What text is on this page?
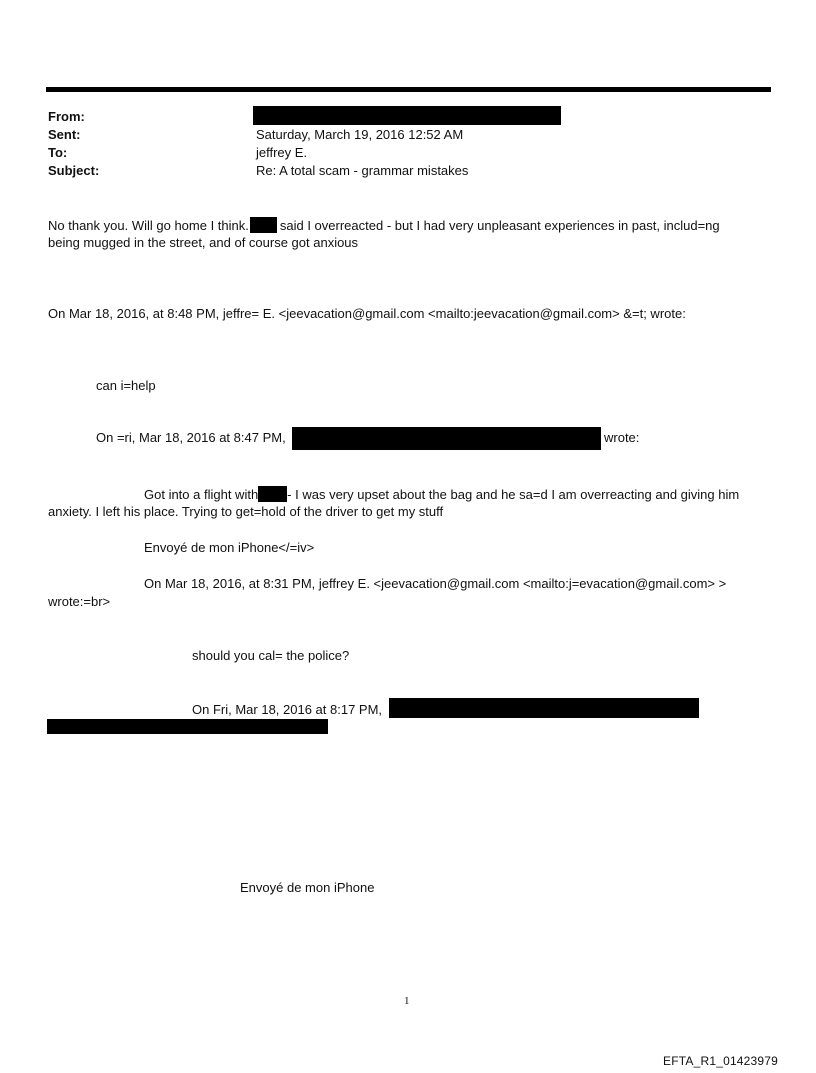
From:
Sent:	Saturday, March 19, 2016 12:52 AM
To:	jeffrey E.
Subject:	Re: A total scam - grammar mistakes
No thank you. Will go home I think. said I overreacted - but I had very unpleasant experiences in past, includ=ng
being mugged in the street, and of course got anxious
On Mar 18, 2016, at 8:48 PM, jeffre= E. <jeevacation@gmail.com <mailto:jeevacation@gmail.com> &=t; wrote:
can i=help
On =ri, Mar 18, 2016 at 8:47 PM,	wrote:
Got into a flight with - I was very upset about the bag and he sa=d I am overreacting and giving him
anxiety. I left his place. Trying to get=hold of the driver to get my stuff
Envoyé de mon iPhone</=iv>
On Mar 18, 2016, at 8:31 PM, jeffrey E. <jeevacation@gmail.com <mailto:j=evacation@gmail.com> >
wrote:=br>
should you cal= the police?
On Fri, Mar 18, 2016 at 8:17 PM,
Envoyé de mon iPhone
1
EFTA_R1_01423979
